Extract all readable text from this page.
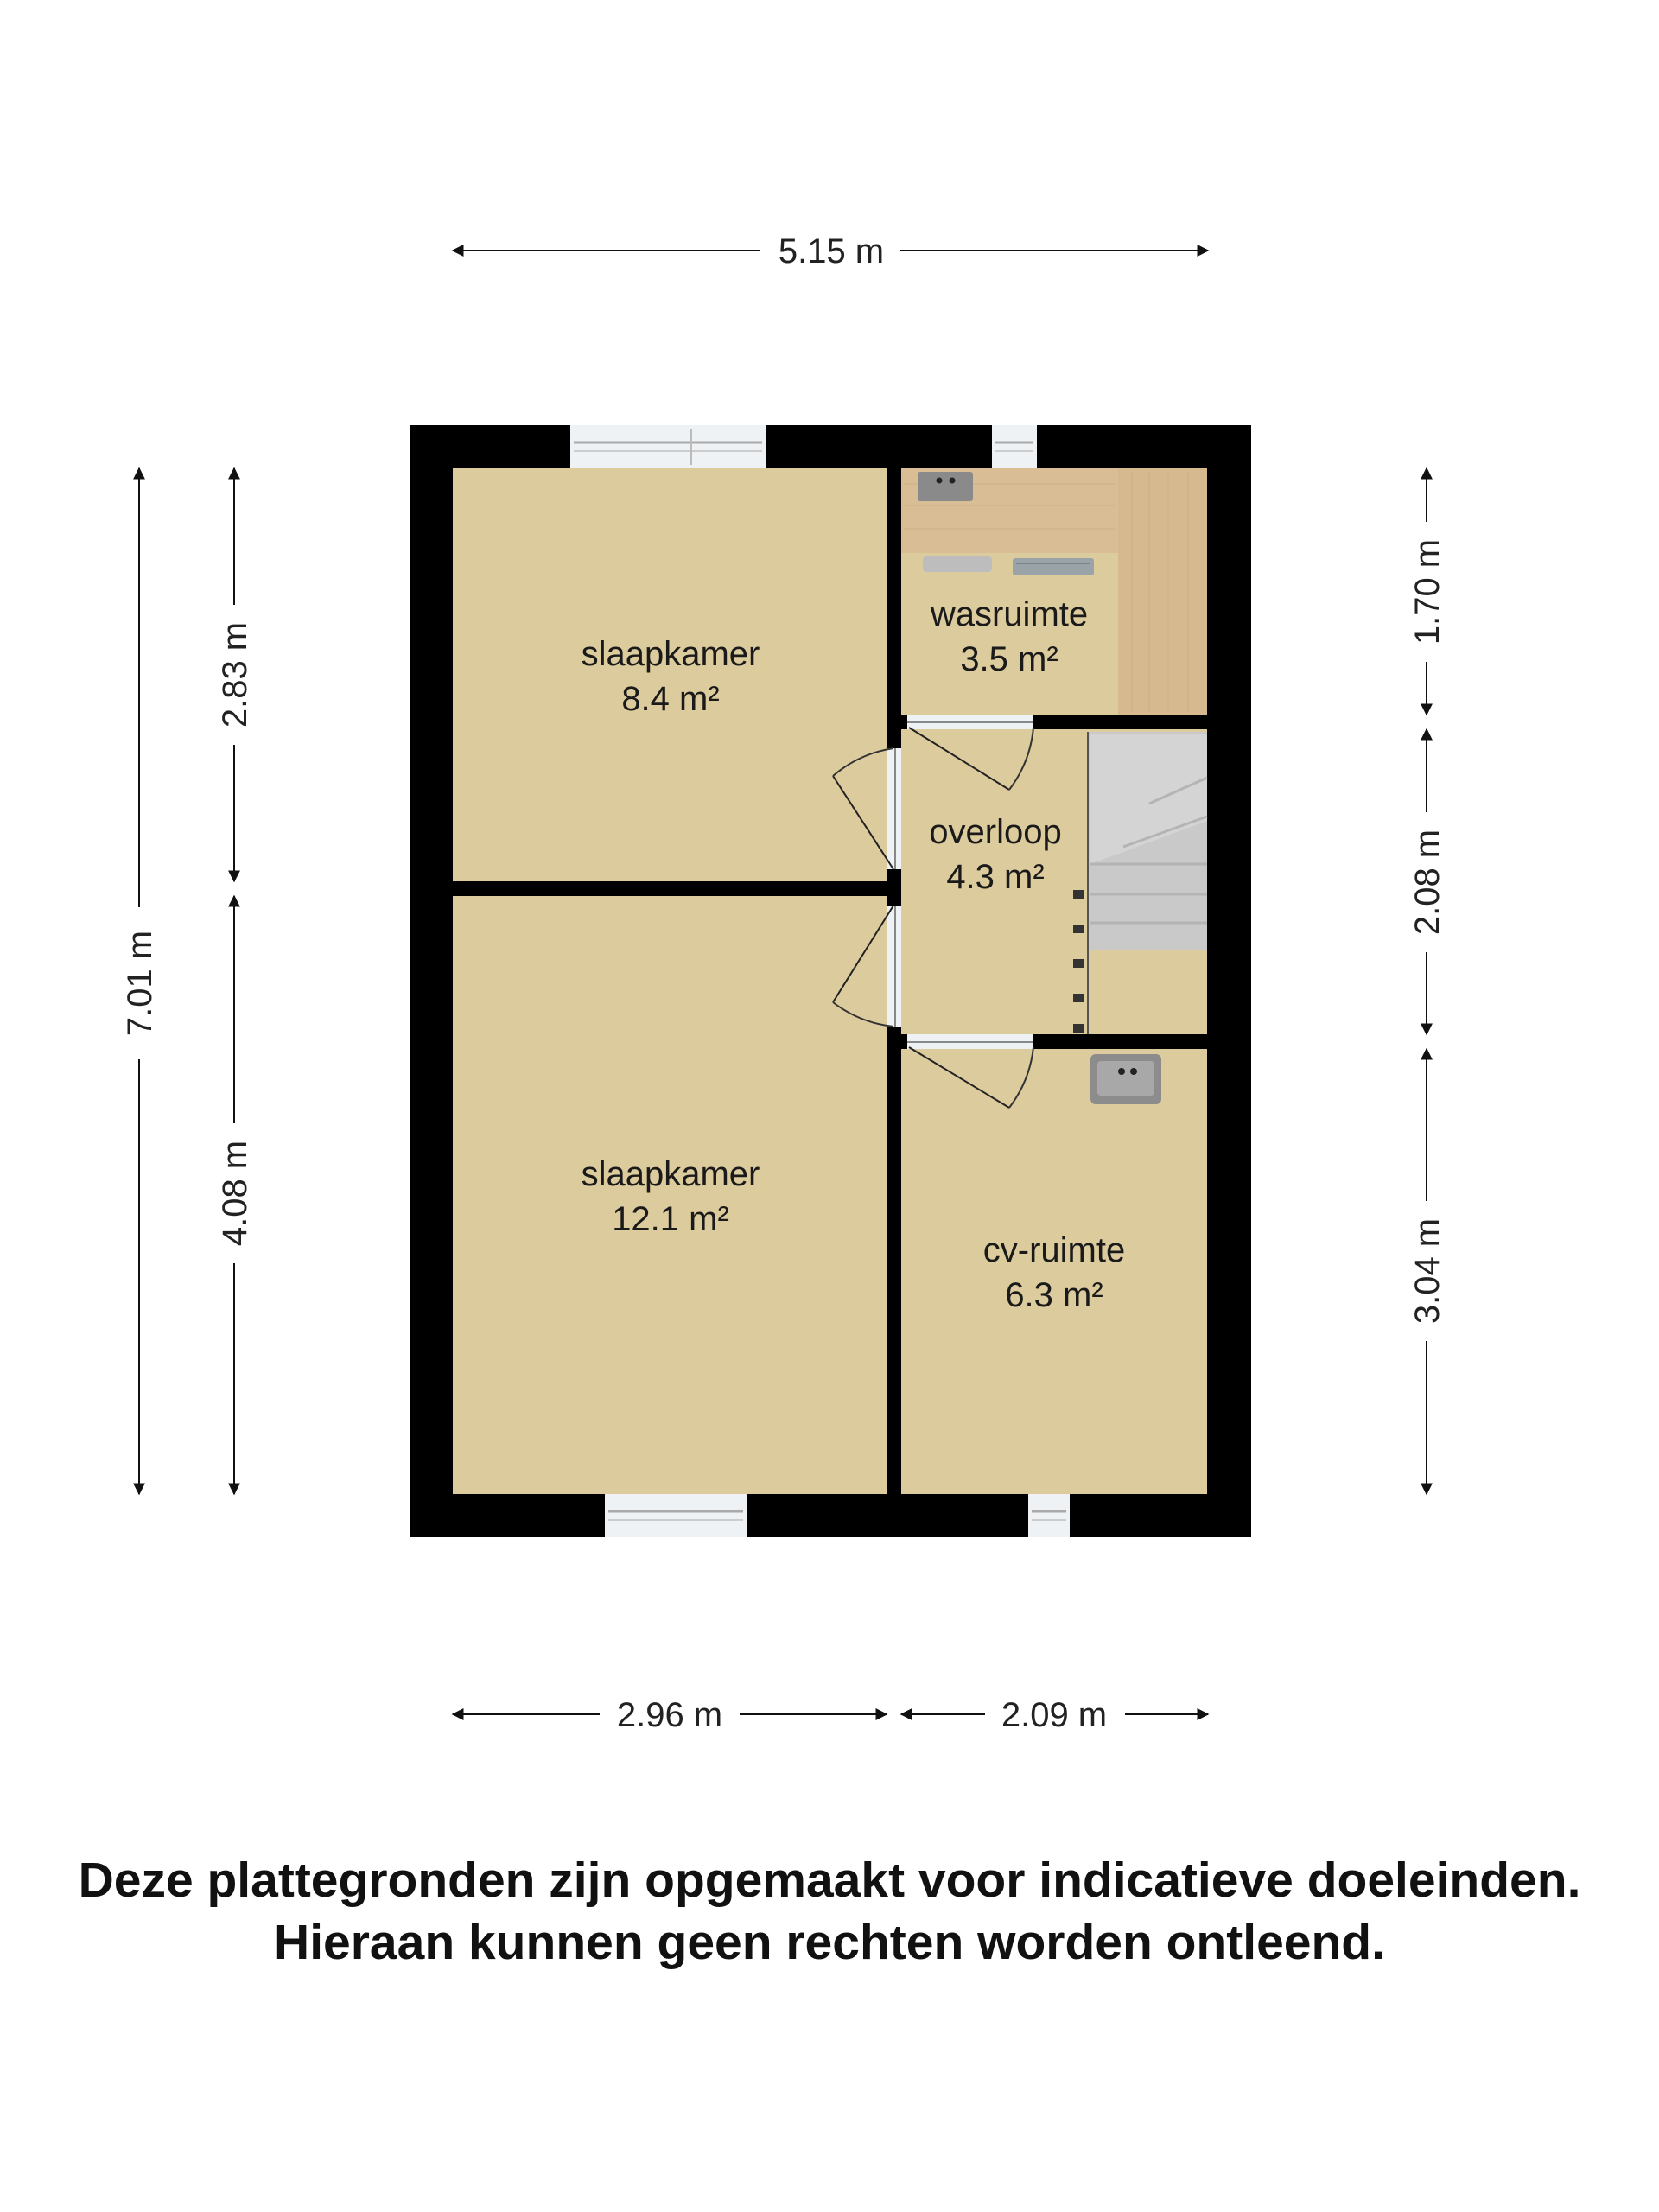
slaapkamer
8.4 m²
wasruimte
3.5 m²
overloop
4.3 m²
slaapkamer
12.1 m²
cv-ruimte
6.3 m²
5.15 m
2.96 m	2.09 m
7.01 m
2.83 m
4.08 m
1.70 m
2.08 m
3.04 m
Deze plattegronden zijn opgemaakt voor indicatieve doeleinden.
Hieraan kunnen geen rechten worden ontleend.
